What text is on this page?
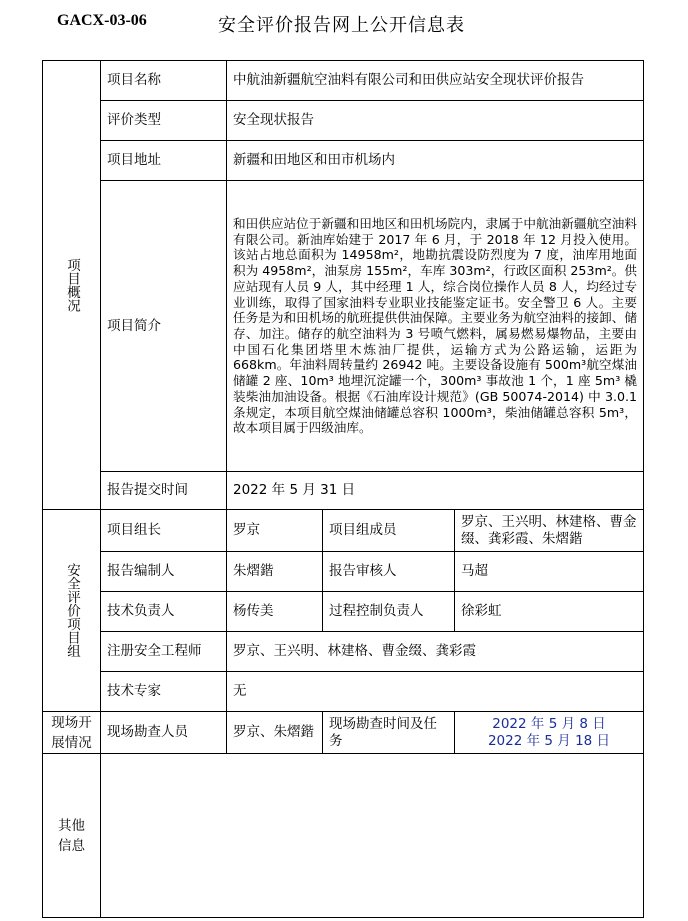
GACX-03-06	安全评价报告网上公开信息表
项目概况	项目名称	中航油新疆航空油料有限公司和田供应站安全现状评价报告		
	评价类型	安全现状报告		
	项目地址	新疆和田地区和田市机场内		
	项目简介	和田供应站位于新疆和田地区和田机场院内，隶属于中航油新疆航空油料有限公司。新油库始建于 2017 年 6 月，于 2018 年 12 月投入使用。该站占地总面积为 14958m²，地勘抗震设防烈度为 7 度，油库用地面积为 4958m²，油泵房 155m²，车库 303m²，行政区面积 253m²。供应站现有人员 9 人，其中经理 1 人，综合岗位操作人员 8 人，均经过专业训练，取得了国家油料专业职业技能鉴定证书。安全警卫 6 人。主要任务是为和田机场的航班提供供油保障。主要业务为航空油料的接卸、储存、加注。储存的航空油料为 3 号喷气燃料，属易燃易爆物品，主要由中国石化集团塔里木炼油厂提供，运输方式为公路运输，运距为 668km。年油料周转量约 26942 吨。主要设备设施有 500m³航空煤油储罐 2 座、10m³ 地埋沉淀罐一个，300m³ 事故池 1 个，1 座 5m³ 橇装柴油加油设备。根据《石油库设计规范》(GB 50074-2014) 中 3.0.1 条规定，本项目航空煤油储罐总容积 1000m³，柴油储罐总容积 5m³，故本项目属于四级油库。		
	报告提交时间	2022 年 5 月 31 日		

安全评价项目组	项目组长	罗京	项目组成员	罗京、王兴明、林建格、曹金缀、龚彩霞、朱熠鍇
	报告编制人	朱熠鍇	报告审核人	马超
	技术负责人	杨传美	过程控制负责人	徐彩虹
	注册安全工程师	罗京、王兴明、林建格、曹金缀、龚彩霞		
	技术专家	无		

现场开展情况	现场勘查人员	罗京、朱熠鍇	现场勘查时间及任务	2022 年 5 月 8 日
2022 年 5 月 18 日

其他信息				
